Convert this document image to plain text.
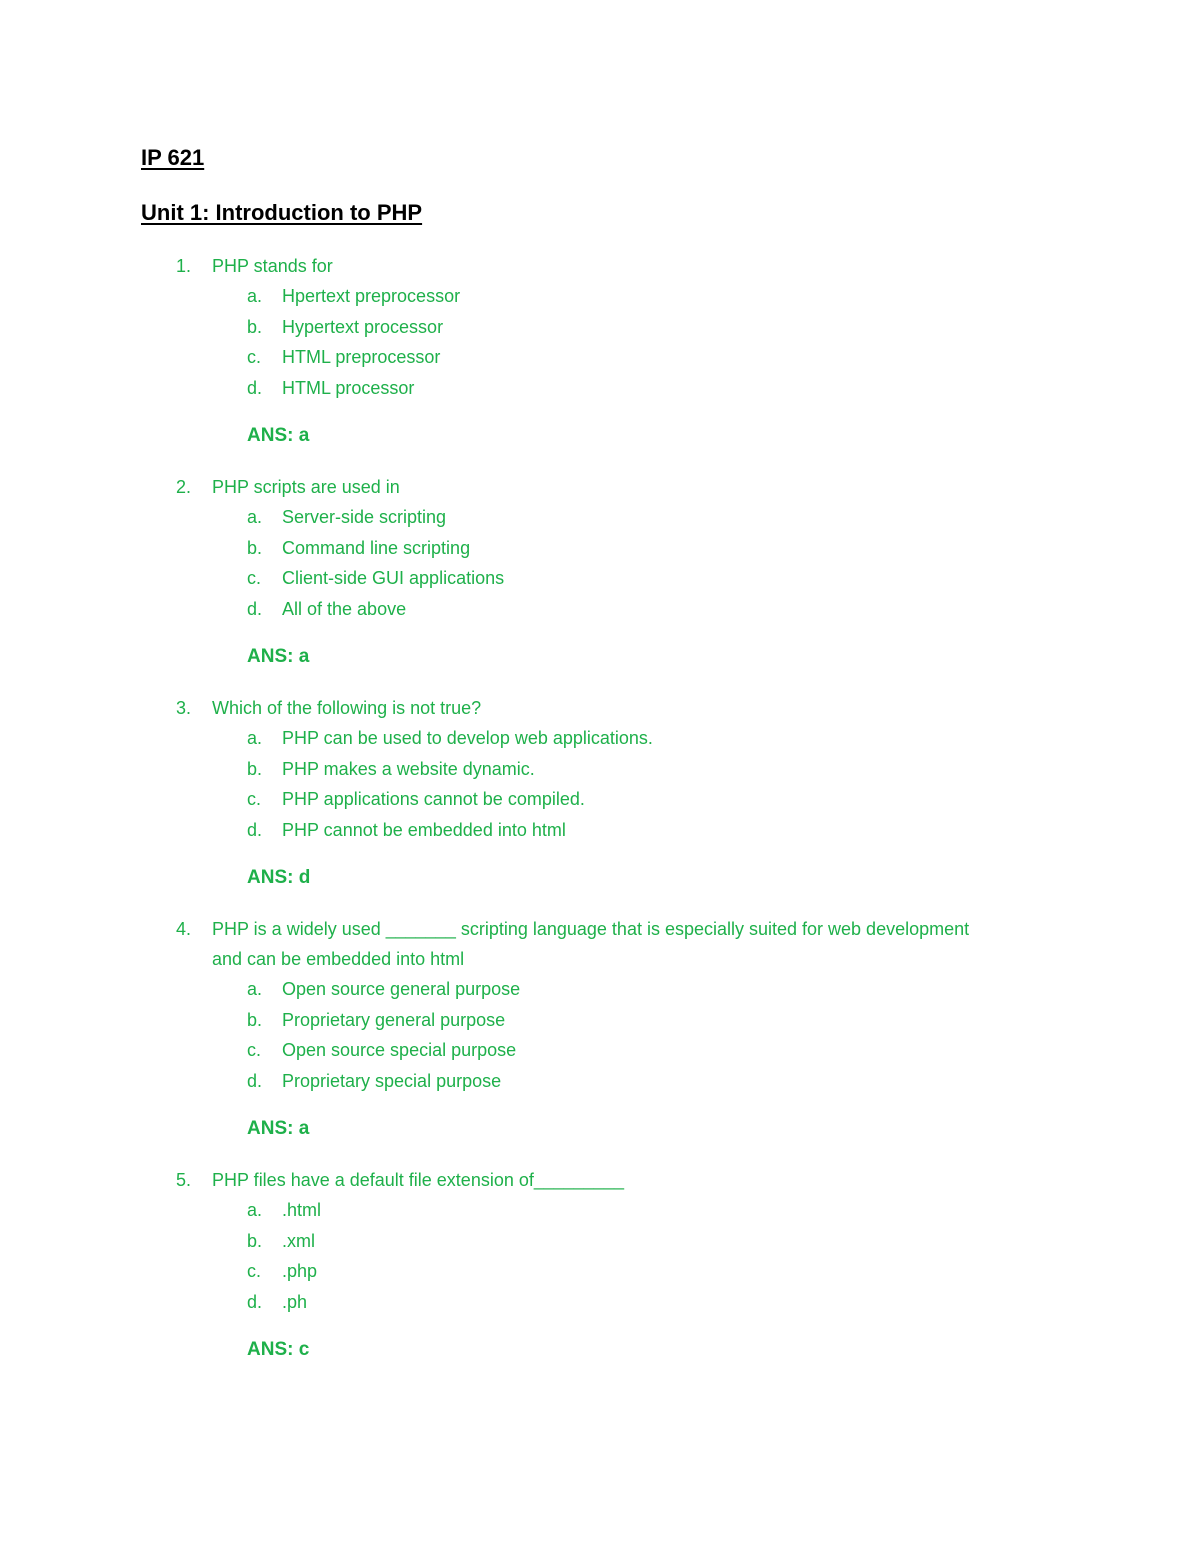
IP 621
Unit 1: Introduction to PHP
1. PHP stands for
a. Hpertext preprocessor
b. Hypertext processor
c. HTML preprocessor
d. HTML processor
ANS: a
2. PHP scripts are used in
a. Server-side scripting
b. Command line scripting
c. Client-side GUI applications
d. All of the above
ANS: a
3. Which of the following is not true?
a. PHP can be used to develop web applications.
b. PHP makes a website dynamic.
c. PHP applications cannot be compiled.
d. PHP cannot be embedded into html
ANS: d
4. PHP is a widely used _______ scripting language that is especially suited for web development
and can be embedded into html
a. Open source general purpose
b. Proprietary general purpose
c. Open source special purpose
d. Proprietary special purpose
ANS: a
5. PHP files have a default file extension of_________
a. .html
b. .xml
c. .php
d. .ph
ANS: c
